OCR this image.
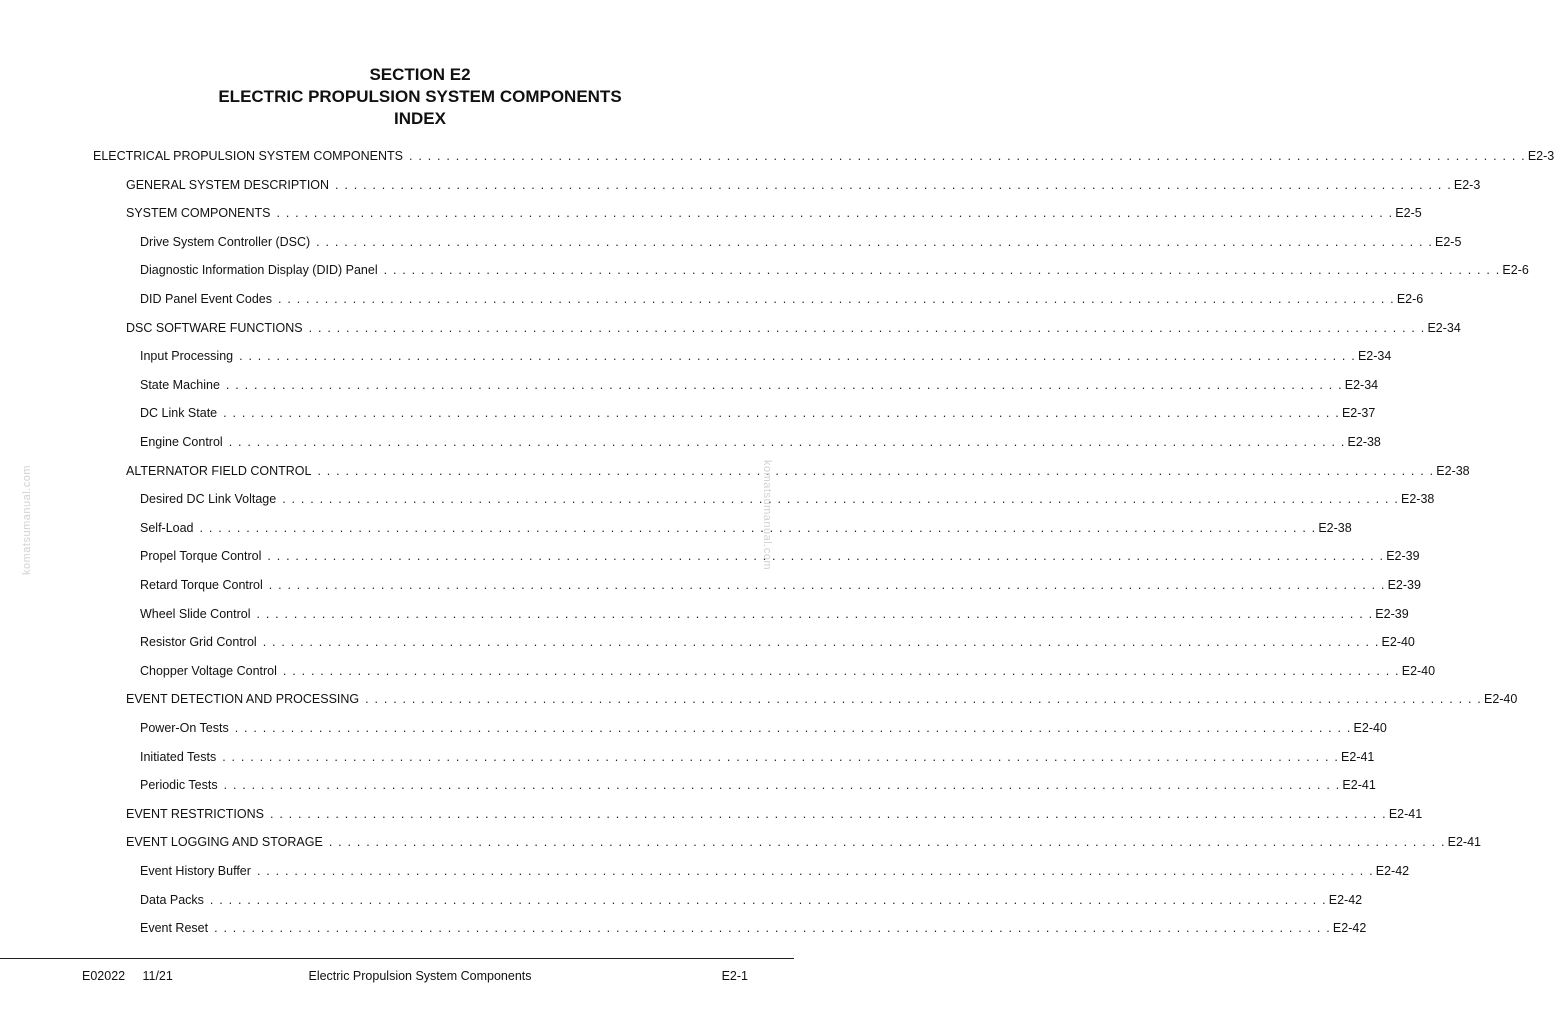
SECTION E2
ELECTRIC PROPULSION SYSTEM COMPONENTS
INDEX
ELECTRICAL PROPULSION SYSTEM COMPONENTS . . . . . . . . . . . . . . . . . . . . . . . . . . . . . . . . . . . . . . . . . . . . . . . . . . . . . . . . . . . . . . . . . . . . . . . . . . . . . . . . . . . . . . . . . . . . . . . . . . . . . . . . . . . . . . . . . . . . . . . . E2-3
GENERAL SYSTEM DESCRIPTION . . . . . . . . . . . . . . . . . . . . . . . . . . . . . . . . . . . . . . . . . . . . . . . . . . . . . . . . . . . . . . . . . . . . . . . . . . . . . . . . . . . . . . . . . . . . . . . . . . . . . . . . . . . . . . . . . . . . . . . . E2-3
SYSTEM COMPONENTS . . . . . . . . . . . . . . . . . . . . . . . . . . . . . . . . . . . . . . . . . . . . . . . . . . . . . . . . . . . . . . . . . . . . . . . . . . . . . . . . . . . . . . . . . . . . . . . . . . . . . . . . . . . . . . . . . . . . . . . . E2-5
Drive System Controller (DSC) . . . . . . . . . . . . . . . . . . . . . . . . . . . . . . . . . . . . . . . . . . . . . . . . . . . . . . . . . . . . . . . . . . . . . . . . . . . . . . . . . . . . . . . . . . . . . . . . . . . . . . . . . . . . . . . . . . . . . . . . E2-5
Diagnostic Information Display (DID) Panel . . . . . . . . . . . . . . . . . . . . . . . . . . . . . . . . . . . . . . . . . . . . . . . . . . . . . . . . . . . . . . . . . . . . . . . . . . . . . . . . . . . . . . . . . . . . . . . . . . . . . . . . . . . . . . . . . . . . . . . . E2-6
DID Panel Event Codes . . . . . . . . . . . . . . . . . . . . . . . . . . . . . . . . . . . . . . . . . . . . . . . . . . . . . . . . . . . . . . . . . . . . . . . . . . . . . . . . . . . . . . . . . . . . . . . . . . . . . . . . . . . . . . . . . . . . . . . . E2-6
DSC SOFTWARE FUNCTIONS . . . . . . . . . . . . . . . . . . . . . . . . . . . . . . . . . . . . . . . . . . . . . . . . . . . . . . . . . . . . . . . . . . . . . . . . . . . . . . . . . . . . . . . . . . . . . . . . . . . . . . . . . . . . . . . . . . . . . . . . E2-34
Input Processing . . . . . . . . . . . . . . . . . . . . . . . . . . . . . . . . . . . . . . . . . . . . . . . . . . . . . . . . . . . . . . . . . . . . . . . . . . . . . . . . . . . . . . . . . . . . . . . . . . . . . . . . . . . . . . . . . . . . . . . . E2-34
State Machine . . . . . . . . . . . . . . . . . . . . . . . . . . . . . . . . . . . . . . . . . . . . . . . . . . . . . . . . . . . . . . . . . . . . . . . . . . . . . . . . . . . . . . . . . . . . . . . . . . . . . . . . . . . . . . . . . . . . . . . . E2-34
DC Link State . . . . . . . . . . . . . . . . . . . . . . . . . . . . . . . . . . . . . . . . . . . . . . . . . . . . . . . . . . . . . . . . . . . . . . . . . . . . . . . . . . . . . . . . . . . . . . . . . . . . . . . . . . . . . . . . . . . . . . . . E2-37
Engine Control . . . . . . . . . . . . . . . . . . . . . . . . . . . . . . . . . . . . . . . . . . . . . . . . . . . . . . . . . . . . . . . . . . . . . . . . . . . . . . . . . . . . . . . . . . . . . . . . . . . . . . . . . . . . . . . . . . . . . . . . E2-38
ALTERNATOR FIELD CONTROL . . . . . . . . . . . . . . . . . . . . . . . . . . . . . . . . . . . . . . . . . . . . . . . . . . . . . . . . . . . . . . . . . . . . . . . . . . . . . . . . . . . . . . . . . . . . . . . . . . . . . . . . . . . . . . . . . . . . . . . . E2-38
Desired DC Link Voltage . . . . . . . . . . . . . . . . . . . . . . . . . . . . . . . . . . . . . . . . . . . . . . . . . . . . . . . . . . . . . . . . . . . . . . . . . . . . . . . . . . . . . . . . . . . . . . . . . . . . . . . . . . . . . . . . . . . . . . . . E2-38
Self-Load . . . . . . . . . . . . . . . . . . . . . . . . . . . . . . . . . . . . . . . . . . . . . . . . . . . . . . . . . . . . . . . . . . . . . . . . . . . . . . . . . . . . . . . . . . . . . . . . . . . . . . . . . . . . . . . . . . . . . . . . E2-38
Propel Torque Control . . . . . . . . . . . . . . . . . . . . . . . . . . . . . . . . . . . . . . . . . . . . . . . . . . . . . . . . . . . . . . . . . . . . . . . . . . . . . . . . . . . . . . . . . . . . . . . . . . . . . . . . . . . . . . . . . . . . . . . . E2-39
Retard Torque Control . . . . . . . . . . . . . . . . . . . . . . . . . . . . . . . . . . . . . . . . . . . . . . . . . . . . . . . . . . . . . . . . . . . . . . . . . . . . . . . . . . . . . . . . . . . . . . . . . . . . . . . . . . . . . . . . . . . . . . . . E2-39
Wheel Slide Control . . . . . . . . . . . . . . . . . . . . . . . . . . . . . . . . . . . . . . . . . . . . . . . . . . . . . . . . . . . . . . . . . . . . . . . . . . . . . . . . . . . . . . . . . . . . . . . . . . . . . . . . . . . . . . . . . . . . . . . . E2-39
Resistor Grid Control . . . . . . . . . . . . . . . . . . . . . . . . . . . . . . . . . . . . . . . . . . . . . . . . . . . . . . . . . . . . . . . . . . . . . . . . . . . . . . . . . . . . . . . . . . . . . . . . . . . . . . . . . . . . . . . . . . . . . . . . E2-40
Chopper Voltage Control . . . . . . . . . . . . . . . . . . . . . . . . . . . . . . . . . . . . . . . . . . . . . . . . . . . . . . . . . . . . . . . . . . . . . . . . . . . . . . . . . . . . . . . . . . . . . . . . . . . . . . . . . . . . . . . . . . . . . . . . E2-40
EVENT DETECTION AND PROCESSING . . . . . . . . . . . . . . . . . . . . . . . . . . . . . . . . . . . . . . . . . . . . . . . . . . . . . . . . . . . . . . . . . . . . . . . . . . . . . . . . . . . . . . . . . . . . . . . . . . . . . . . . . . . . . . . . . . . . . . . . E2-40
Power-On Tests . . . . . . . . . . . . . . . . . . . . . . . . . . . . . . . . . . . . . . . . . . . . . . . . . . . . . . . . . . . . . . . . . . . . . . . . . . . . . . . . . . . . . . . . . . . . . . . . . . . . . . . . . . . . . . . . . . . . . . . . E2-40
Initiated Tests . . . . . . . . . . . . . . . . . . . . . . . . . . . . . . . . . . . . . . . . . . . . . . . . . . . . . . . . . . . . . . . . . . . . . . . . . . . . . . . . . . . . . . . . . . . . . . . . . . . . . . . . . . . . . . . . . . . . . . . . E2-41
Periodic Tests . . . . . . . . . . . . . . . . . . . . . . . . . . . . . . . . . . . . . . . . . . . . . . . . . . . . . . . . . . . . . . . . . . . . . . . . . . . . . . . . . . . . . . . . . . . . . . . . . . . . . . . . . . . . . . . . . . . . . . . . E2-41
EVENT RESTRICTIONS . . . . . . . . . . . . . . . . . . . . . . . . . . . . . . . . . . . . . . . . . . . . . . . . . . . . . . . . . . . . . . . . . . . . . . . . . . . . . . . . . . . . . . . . . . . . . . . . . . . . . . . . . . . . . . . . . . . . . . . . E2-41
EVENT LOGGING AND STORAGE . . . . . . . . . . . . . . . . . . . . . . . . . . . . . . . . . . . . . . . . . . . . . . . . . . . . . . . . . . . . . . . . . . . . . . . . . . . . . . . . . . . . . . . . . . . . . . . . . . . . . . . . . . . . . . . . . . . . . . . . E2-41
Event History Buffer . . . . . . . . . . . . . . . . . . . . . . . . . . . . . . . . . . . . . . . . . . . . . . . . . . . . . . . . . . . . . . . . . . . . . . . . . . . . . . . . . . . . . . . . . . . . . . . . . . . . . . . . . . . . . . . . . . . . . . . . E2-42
Data Packs . . . . . . . . . . . . . . . . . . . . . . . . . . . . . . . . . . . . . . . . . . . . . . . . . . . . . . . . . . . . . . . . . . . . . . . . . . . . . . . . . . . . . . . . . . . . . . . . . . . . . . . . . . . . . . . . . . . . . . . . E2-42
Event Reset . . . . . . . . . . . . . . . . . . . . . . . . . . . . . . . . . . . . . . . . . . . . . . . . . . . . . . . . . . . . . . . . . . . . . . . . . . . . . . . . . . . . . . . . . . . . . . . . . . . . . . . . . . . . . . . . . . . . . . . . E2-42
komatsumanual.com	komatsumanual.com
E02022 11/21	Electric Propulsion System Components	E2-1
